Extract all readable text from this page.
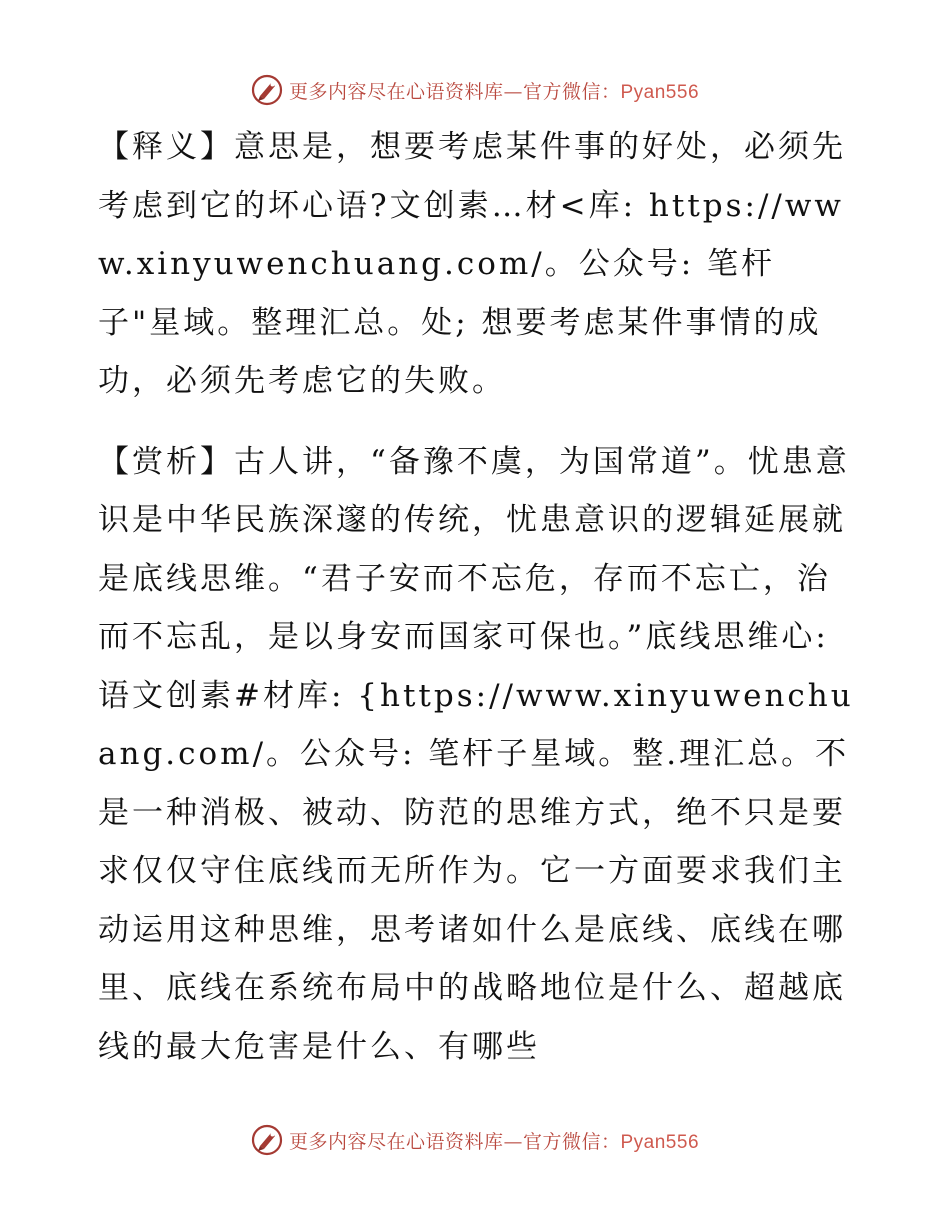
更多内容尽在心语资料库—官方微信：Pyan556

【释义】意思是，想要考虑某件事的好处，必须先考虑到它的坏心语?文创素…材<库: https://www.xinyuwenchuang.com/。公众号: 笔杆子"星域。整理汇总。处; 想要考虑某件事情的成功，必须先考虑它的失败。

【赏析】古人讲，“备豫不虞，为国常道”。忧患意识是中华民族深邃的传统，忧患意识的逻辑延展就是底线思维。“君子安而不忘危，存而不忘亡，治而不忘乱，是以身安而国家可保也。”底线思维心:语文创素#材库: {https://www.xinyuwenchuang.com/。公众号: 笔杆子星域。整.理汇总。不是一种消极、被动、防范的思维方式，绝不只是要求仅仅守住底线而无所作为。它一方面要求我们主动运用这种思维，思考诸如什么是底线、底线在哪里、底线在系统布局中的战略地位是什么、超越底线的最大危害是什么、有哪些

更多内容尽在心语资料库—官方微信：Pyan556
